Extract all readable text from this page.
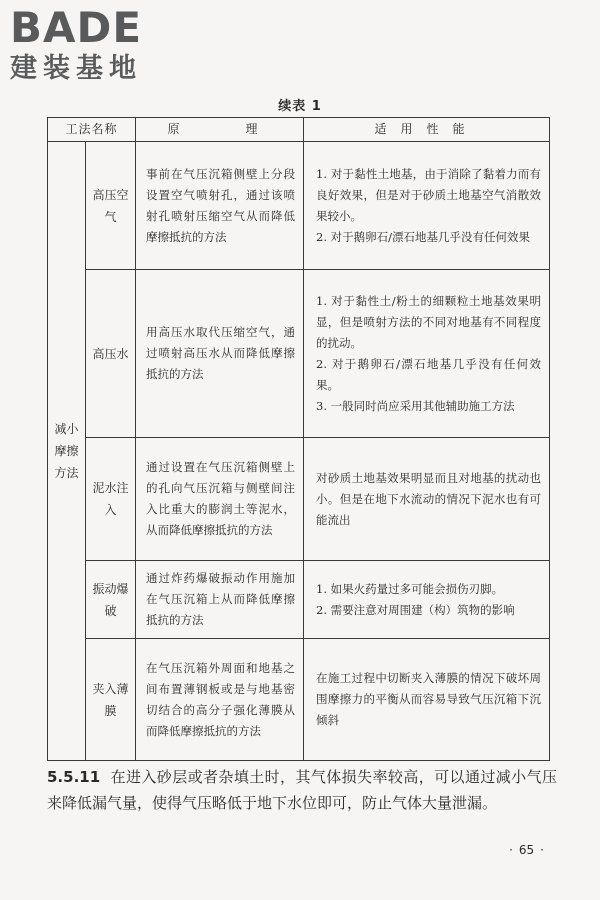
BADE
建装基地
续表 1
工法名称		原　　理	适用性能
减小摩擦方法	高压空气	事前在气压沉箱侧壁上分段设置空气喷射孔，通过该喷射孔喷射压缩空气从而降低摩擦抵抗的方法	1. 对于黏性土地基，由于消除了黏着力而有良好效果，但是对于砂质土地基空气消散效果较小。
2. 对于鹅卵石/漂石地基几乎没有任何效果

	高压水	用高压水取代压缩空气，通过喷射高压水从而降低摩擦抵抗的方法	1. 对于黏性土/粉土的细颗粒土地基效果明显，但是喷射方法的不同对地基有不同程度的扰动。
2. 对于鹅卵石/漂石地基几乎没有任何效果。
3. 一般同时尚应采用其他辅助施工方法

	泥水注入	通过设置在气压沉箱侧壁上的孔向气压沉箱与侧壁间注入比重大的膨润土等泥水，从而降低摩擦抵抗的方法	对砂质土地基效果明显而且对地基的扰动也小。但是在地下水流动的情况下泥水也有可能流出

	振动爆破	通过炸药爆破振动作用施加在气压沉箱上从而降低摩擦抵抗的方法	1. 如果火药量过多可能会损伤刃脚。
2. 需要注意对周围建（构）筑物的影响

	夹入薄膜	在气压沉箱外周面和地基之间布置薄钢板或是与地基密切结合的高分子强化薄膜从而降低摩擦抵抗的方法	在施工过程中切断夹入薄膜的情况下破坏周围摩擦力的平衡从而容易导致气压沉箱下沉倾斜
5.5.11 在进入砂层或者杂填土时，其气体损失率较高，可以通过减小气压来降低漏气量，使得气压略低于地下水位即可，防止气体大量泄漏。
· 65 ·
